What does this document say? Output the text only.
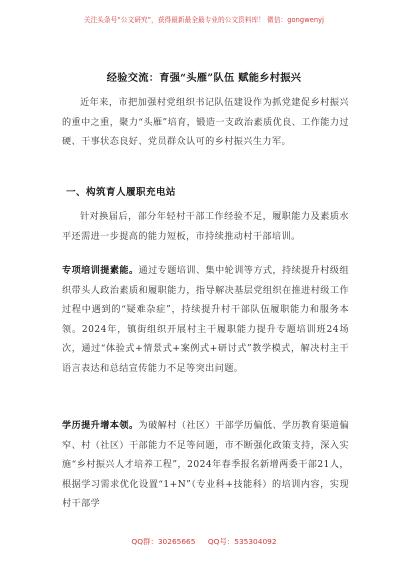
关注头条号“公文研究”，获得最新最全最专业的公文资料库！ 微信：gongwenyj
经验交流：育强“头雁”队伍 赋能乡村振兴
近年来，市把加强村党组织书记队伍建设作为抓党建促乡村振兴的重中之重，聚力“头雁”培育，锻造一支政治素质优良、工作能力过硬、干事状态良好、党员群众认可的乡村振兴生力军。
一、构筑育人履职充电站
针对换届后，部分年轻村干部工作经验不足，履职能力及素质水平还需进一步提高的能力短板，市持续推动村干部培训。
专项培训提素能。通过专题培训、集中轮训等方式，持续提升村级组织带头人政治素质和履职能力，指导解决基层党组织在推进村级工作过程中遇到的“疑难杂症”，持续提升村干部队伍履职能力和服务本领。2024年，镇街组织开展村主干履职能力提升专题培训班24场次，通过“体验式+情景式+案例式+研讨式”教学模式，解决村主干语言表达和总结宣传能力不足等突出问题。
学历提升增本领。为破解村（社区）干部学历偏低、学历教育渠道偏窄、村（社区）干部能力不足等问题，市不断强化政策支持，深入实施“乡村振兴人才培养工程”，2024年春季报名新增两委干部21人，根据学习需求优化设置“1+N”（专业科+技能科）的培训内容，实现村干部学
QQ群：30265665 QQ号：535304092
